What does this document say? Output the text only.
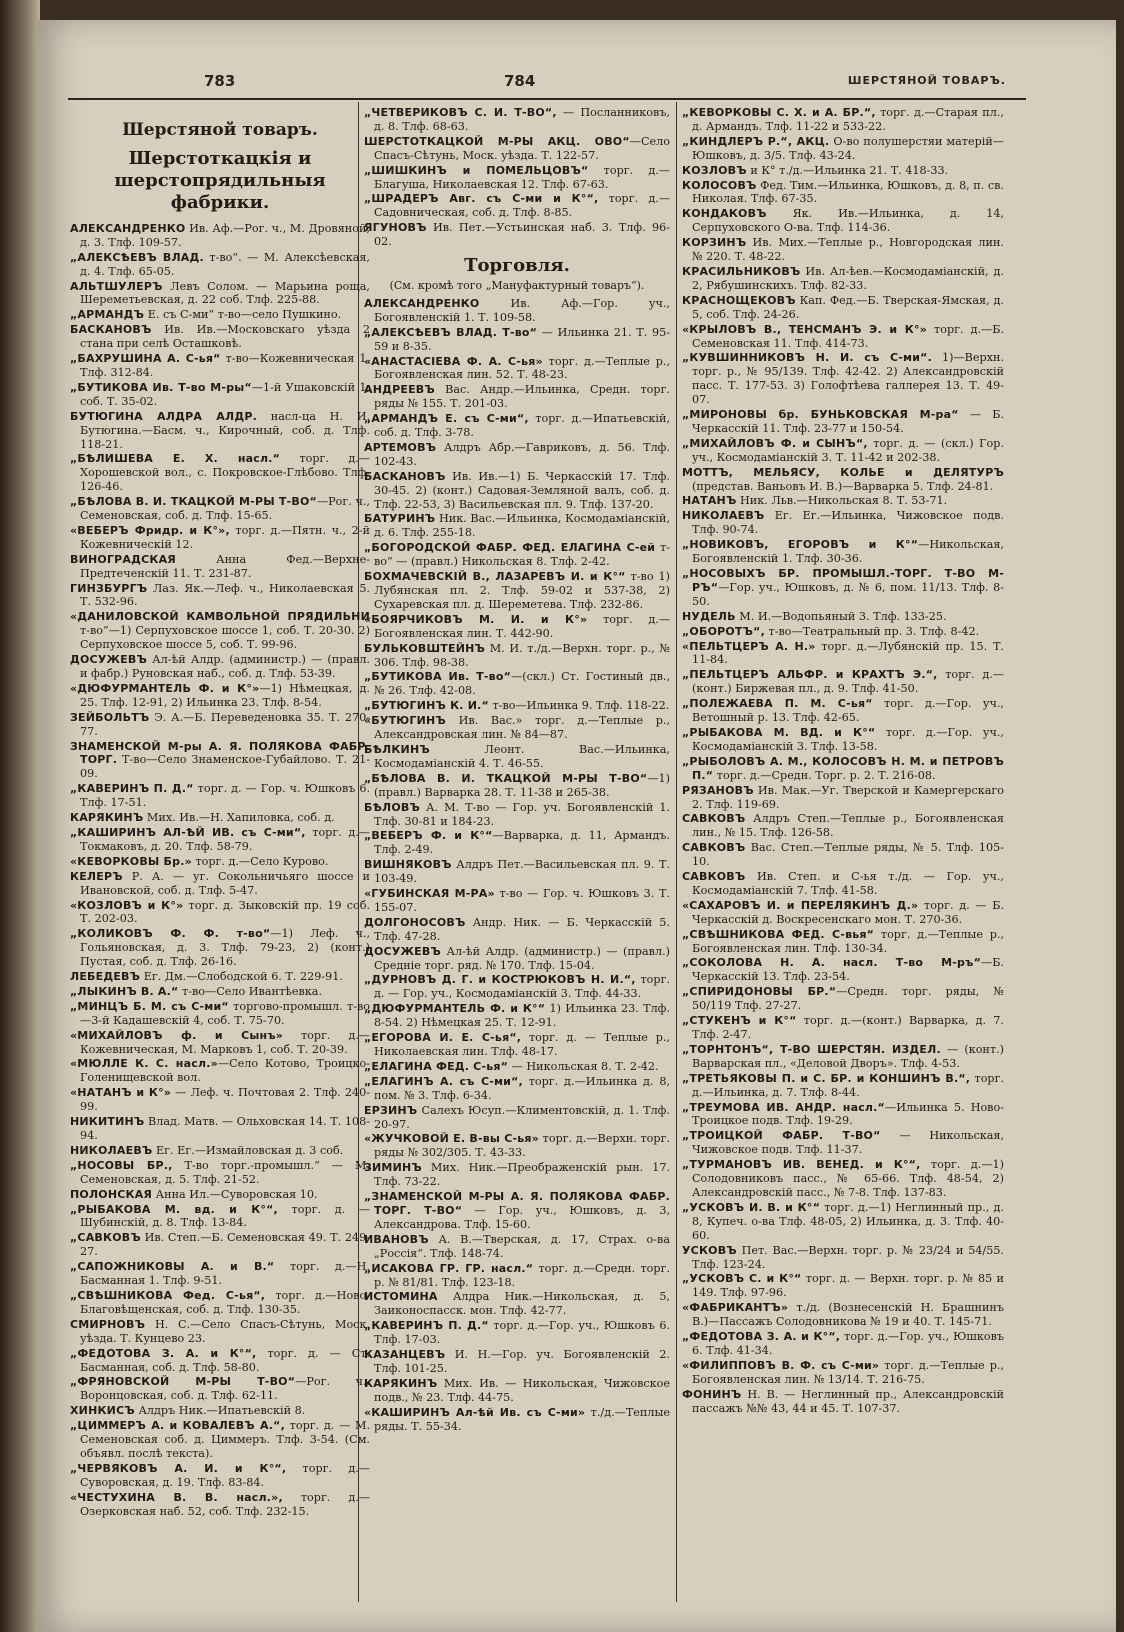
783	784	ШЕРСТЯНОЙ ТОВАРЪ.
Шерстяной товаръ.
Шерстоткацкія и шерстопрядильныя фабрики.
АЛЕКСАНДРЕНКО Ив. Аф.—Рог. ч., М. Дровяной, д. 3. Тлф. 109-57.
„АЛЕКСѢЕВЪ ВЛАД. т-во“. — М. Алексѣевская, д. 4. Тлф. 65-05.
АЛЬТШУЛЕРЪ Левъ Солом. — Марьина роща, Шереметьевская, д. 22 соб. Тлф. 225-88.
„АРМАНДЪ Е. съ С-ми“ т-во—село Пушкино.
БАСКАНОВЪ Ив. Ив.—Московскаго уѣзда 2 стана при селѣ Осташковѣ.
„БАХРУШИНА А. С-ья“ т-во—Кожевническая 1. Тлф. 312-84.
„БУТИКОВА Ив. Т-во М-ры“—1-й Ушаковскій 1, соб. Т. 35-02.
БУТЮГИНА АЛДРА АЛДР. насл-ца Н. И. Бутюгина.—Басм. ч., Кирочный, соб. д. Тлф. 118-21.
„БѢЛИШЕВА Е. Х. насл.“ торг. д.—Хорошевской вол., с. Покровское-Глѣбово. Тлф. 126-46.
„БѢЛОВА В. И. ТКАЦКОЙ М-РЫ Т-ВО“—Рог. ч., Семеновская, соб. д. Тлф. 15-65.
«ВЕБЕРЪ Фридр. и К°», торг. д.—Пятн. ч., 2-й Кожевническій 12.
ВИНОГРАДСКАЯ Анна Фед.—Верхне-Предтеченскій 11. Т. 231-87.
ГИНЗБУРГЪ Лаз. Як.—Леф. ч., Николаевская 5. Т. 532-96.
«ДАНИЛОВСКОЙ КАМВОЛЬНОЙ ПРЯДИЛЬНИ т-во“—1) Серпуховское шоссе 1, соб. Т. 20-30. 2) Серпуховское шоссе 5, соб. Т. 99-96.
ДОСУЖЕВЪ Ал-ѣй Алдр. (администр.) — (правл. и фабр.) Руновская наб., соб. д. Тлф. 53-39.
«ДЮФУРМАНТЕЛЬ Ф. и К°»—1) Нѣмецкая, д. 25. Тлф. 12-91, 2) Ильинка 23. Тлф. 8-54.
ЗЕЙБОЛЬТЪ Э. А.—Б. Переведеновка 35. Т. 270-77.
ЗНАМЕНСКОЙ М-ры А. Я. ПОЛЯКОВА ФАБР. ТОРГ. Т-во—Село Знаменское-Губайлово. Т. 21-09.
„КАВЕРИНЪ П. Д.“ торг. д. — Гор. ч. Юшковъ 6. Тлф. 17-51.
КАРЯКИНЪ Мих. Ив.—Н. Хапиловка, соб. д.
„КАШИРИНЪ АЛ-ѢЙ ИВ. съ С-ми“, торг. д.—Токмаковъ, д. 20. Тлф. 58-79.
«КЕВОРКОВЫ Бр.» торг. д.—Село Курово.
КЕЛЕРЪ Р. А. — уг. Сокольничьяго шоссе и Ивановской, соб. д. Тлф. 5-47.
«КОЗЛОВЪ и К°» торг. д. Зыковскій пр. 19 соб. Т. 202-03.
„КОЛИКОВЪ Ф. Ф. т-во“—1) Леф. ч., Гольяновская, д. 3. Тлф. 79-23, 2) (конт.) Пустая, соб. д. Тлф. 26-16.
ЛЕБЕДЕВЪ Ег. Дм.—Слободской 6. Т. 229-91.
„ЛЫКИНЪ В. А.“ т-во—Село Ивантѣевка.
„МИНЦЪ Б. М. съ С-ми“ торгово-промышл. т-во—3-й Кадашевскій 4, соб. Т. 75-70.
«МИХАЙЛОВЪ ф. и Сынъ» торг. д.—Кожевническая, М. Марковъ 1, соб. Т. 20-39.
«МЮЛЛЕ К. С. насл.»—Село Котово, Троицко-Голенищевской вол.
«НАТАНЪ и К°» — Леф. ч. Почтовая 2. Тлф. 240-99.
НИКИТИНЪ Влад. Матв. — Ольховская 14. Т. 108-94.
НИКОЛАЕВЪ Ег. Ег.—Измайловская д. 3 соб.
„НОСОВЫ БР., Т-во торг.-промышл.“ — М. Семеновская, д. 5. Тлф. 21-52.
ПОЛОНСКАЯ Анна Ил.—Суворовская 10.
„РЫБАКОВА М. вд. и К°“, торг. д. — Шубинскій, д. 8. Тлф. 13-84.
„САВКОВЪ Ив. Степ.—Б. Семеновская 49. Т. 249-27.
„САПОЖНИКОВЫ А. и В.“ торг. д.—Н. Басманная 1. Тлф. 9-51.
„СВѢШНИКОВА Фед. С-ья“, торг. д.—Ново-Благовѣщенская, соб. д. Тлф. 130-35.
СМИРНОВЪ Н. С.—Село Спасъ-Сѣтунь, Моск. уѣзда. Т. Кунцево 23.
„ФЕДОТОВА З. А. и К°“, торг. д. — Ст. Басманная, соб. д. Тлф. 58-80.
„ФРЯНОВСКОЙ М-РЫ Т-ВО“—Рог. ч., Воронцовская, соб. д. Тлф. 62-11.
ХИНКИСЪ Алдръ Ник.—Ипатьевскій 8.
„ЦИММЕРЪ А. и КОВАЛЕВЪ А.“, торг. д. — М. Семеновская соб. д. Циммеръ. Тлф. 3-54. (См. объявл. послѣ текста).
„ЧЕРВЯКОВЪ А. И. и К°“, торг. д.—Суворовская, д. 19. Тлф. 83-84.
«ЧЕСТУХИНА В. В. насл.», торг. д.—Озерковская наб. 52, соб. Тлф. 232-15.
„ЧЕТВЕРИКОВЪ С. И. Т-ВО“, — Посланниковъ, д. 8. Тлф. 68-63.
ШЕРСТОТКАЦКОЙ М-РЫ АКЦ. ОВО“—Село Спасъ-Сѣтунь, Моск. уѣзда. Т. 122-57.
„ШИШКИНЪ и ПОМЕЛЬЦОВЪ“ торг. д.—Благуша, Николаевская 12. Тлф. 67-63.
„ШРАДЕРЪ Авг. съ С-ми и К°“, торг. д.—Садовническая, соб. д. Тлф. 8-85.
ЯГУНОВЪ Ив. Пет.—Устьинская наб. 3. Тлф. 96-02.
Торговля.
(См. кромѣ того „Мануфактурный товаръ“).
АЛЕКСАНДРЕНКО Ив. Аф.—Гор. уч., Богоявленскій 1. Т. 109-58.
„АЛЕКСѢЕВЪ ВЛАД. Т-во“ — Ильинка 21. Т. 95-59 и 8-35.
«АНАСТАСІЕВА Ф. А. С-ья» торг. д.—Теплые р., Богоявленская лин. 52. Т. 48-23.
АНДРЕЕВЪ Вас. Андр.—Ильинка, Средн. торг. ряды № 155. Т. 201-03.
„АРМАНДЪ Е. съ С-ми“, торг. д.—Ипатьевскій, соб. д. Тлф. 3-78.
АРТЕМОВЪ Алдръ Абр.—Гавриковъ, д. 56. Тлф. 102-43.
БАСКАНОВЪ Ив. Ив.—1) Б. Черкасскій 17. Тлф. 30-45. 2) (конт.) Садовая-Земляной валъ, соб. д. Тлф. 22-53, 3) Васильевская пл. 9. Тлф. 137-20.
БАТУРИНЪ Ник. Вас.—Ильинка, Космодаміанскій, д. 6. Тлф. 255-18.
„БОГОРОДСКОЙ ФАБР. ФЕД. ЕЛАГИНА С-ей т-во“ — (правл.) Никольская 8. Тлф. 2-42.
БОХМАЧЕВСКІЙ В., ЛАЗАРЕВЪ И. и К°“ т-во 1) Лубянская пл. 2. Тлф. 59-02 и 537-38, 2) Сухаревская пл. д. Шереметева. Тлф. 232-86.
«БОЯРЧИКОВЪ М. И. и К°» торг. д.—Богоявленская лин. Т. 442-90.
БУЛЬКОВШТЕЙНЪ М. И. т./д.—Верхн. торг. р., № 306. Тлф. 98-38.
„БУТИКОВА Ив. Т-во“—(скл.) Ст. Гостиный дв., № 26. Тлф. 42-08.
„БУТЮГИНЪ К. И.“ т-во—Ильинка 9. Тлф. 118-22.
«БУТЮГИНЪ Ив. Вас.» торг. д.—Теплые р., Александровская лин. № 84—87.
БѢЛКИНЪ Леонт. Вас.—Ильинка, Космодаміанскій 4. Т. 46-55.
„БѢЛОВА В. И. ТКАЦКОЙ М-РЫ Т-ВО“—1) (правл.) Варварка 28. Т. 11-38 и 265-38.
БѢЛОВЪ А. М. Т-во — Гор. уч. Богоявленскій 1. Тлф. 30-81 и 184-23.
„ВЕБЕРЪ Ф. и К°“—Варварка, д. 11, Армандъ. Тлф. 2-49.
ВИШНЯКОВЪ Алдръ Пет.—Васильевская пл. 9. Т. 103-49.
«ГУБИНСКАЯ М-РА» т-во — Гор. ч. Юшковъ 3. Т. 155-07.
ДОЛГОНОСОВЪ Андр. Ник. — Б. Черкасскій 5. Тлф. 47-28.
ДОСУЖЕВЪ Ал-ѣй Алдр. (администр.) — (правл.) Средніе торг. ряд. № 170. Тлф. 15-04.
„ДУРНОВЪ Д. Г. и КОСТРЮКОВЪ Н. И.“, торг. д. — Гор. уч., Космодаміанскій 3. Тлф. 44-33.
„ДЮФУРМАНТЕЛЬ Ф. и К°“ 1) Ильинка 23. Тлф. 8-54. 2) Нѣмецкая 25. Т. 12-91.
„ЕГОРОВА И. Е. С-ья“, торг. д. — Теплые р., Николаевская лин. Тлф. 48-17.
„ЕЛАГИНА ФЕД. С-ья“ — Никольская 8. Т. 2-42.
„ЕЛАГИНЪ А. съ С-ми“, торг. д.—Ильинка д. 8, пом. № 3. Тлф. 6-34.
ЕРЗИНЪ Салехъ Юсуп.—Климентовскій, д. 1. Тлф. 20-97.
«ЖУЧКОВОЙ Е. В-вы С-ья» торг. д.—Верхн. торг. ряды № 302/305. Т. 43-33.
ЗИМИНЪ Мих. Ник.—Преображенскій рын. 17. Тлф. 73-22.
„ЗНАМЕНСКОЙ М-РЫ А. Я. ПОЛЯКОВА ФАБР. ТОРГ. Т-ВО“ — Гор. уч., Юшковъ, д. 3, Александрова. Тлф. 15-60.
ИВАНОВЪ А. В.—Тверская, д. 17, Страх. о-ва „Россія“. Тлф. 148-74.
„ИСАКОВА ГР. ГР. насл.“ торг. д.—Средн. торг. р. № 81/81. Тлф. 123-18.
ИСТОМИНА Алдра Ник.—Никольская, д. 5, Заиконоспасск. мон. Тлф. 42-77.
„КАВЕРИНЪ П. Д.“ торг. д.—Гор. уч., Юшковъ 6. Тлф. 17-03.
КАЗАНЦЕВЪ И. Н.—Гор. уч. Богоявленскій 2. Тлф. 101-25.
КАРЯКИНЪ Мих. Ив. — Никольская, Чижовское подв., № 23. Тлф. 44-75.
«КАШИРИНЪ Ал-ѣй Ив. съ С-ми» т./д.—Теплые ряды. Т. 55-34.
„КЕВОРКОВЫ С. Х. и А. БР.“, торг. д.—Старая пл., д. Армандъ. Тлф. 11-22 и 533-22.
„КИНДЛЕРЪ Р.“, АКЦ. О-во полушерстяи матерій—Юшковъ, д. 3/5. Тлф. 43-24.
КОЗЛОВЪ и К° т./д.—Ильинка 21. Т. 418-33.
КОЛОСОВЪ Фед. Тим.—Ильинка, Юшковъ, д. 8, п. св. Николая. Тлф. 67-35.
КОНДАКОВЪ Як. Ив.—Ильинка, д. 14, Серпуховского О-ва. Тлф. 114-36.
КОРЗИНЪ Ив. Мих.—Теплые р., Новгородская лин. № 220. Т. 48-22.
КРАСИЛЬНИКОВЪ Ив. Ал-ѣев.—Космодаміанскій, д. 2, Рябушинскихъ. Тлф. 82-33.
КРАСНОЩЕКОВЪ Кап. Фед.—Б. Тверская-Ямская, д. 5, соб. Тлф. 24-26.
«КРЫЛОВЪ В., ТЕНСМАНЪ Э. и К°» торг. д.—Б. Семеновская 11. Тлф. 414-73.
„КУВШИННИКОВЪ Н. И. съ С-ми“. 1)—Верхн. торг. р., № 95/139. Тлф. 42-42. 2) Александровскій пасс. Т. 177-53. 3) Голофтѣева галлерея 13. Т. 49-07.
„МИРОНОВЫ бр. БУНЬКОВСКАЯ М-ра“ — Б. Черкасскій 11. Тлф. 23-77 и 150-54.
„МИХАЙЛОВЪ Ф. и СЫНЪ“, торг. д. — (скл.) Гор. уч., Космодаміанскій 3. Т. 11-42 и 202-38.
МОТТЪ, МЕЛЬЯСУ, КОЛЬЕ и ДЕЛЯТУРЪ (представ. Ваньовъ И. В.)—Варварка 5. Тлф. 24-81.
НАТАНЪ Ник. Льв.—Никольская 8. Т. 53-71.
НИКОЛАЕВЪ Ег. Ег.—Ильинка, Чижовское подв. Тлф. 90-74.
„НОВИКОВЪ, ЕГОРОВЪ и К°“—Никольская, Богоявленскій 1. Тлф. 30-36.
„НОСОВЫХЪ БР. ПРОМЫШЛ.-ТОРГ. Т-ВО М-РЪ“—Гор. уч., Юшковъ, д. № 6, пом. 11/13. Тлф. 8-50.
НУДЕЛЬ М. И.—Водопьяный 3. Тлф. 133-25.
„ОБОРОТЪ“, т-во—Театральный пр. 3. Тлф. 8-42.
«ПЕЛЬТЦЕРЪ А. Н.» торг. д.—Лубянскій пр. 15. Т. 11-84.
„ПЕЛЬТЦЕРЪ АЛЬФР. и КРАХТЪ Э.“, торг. д.—(конт.) Биржевая пл., д. 9. Тлф. 41-50.
„ПОЛЕЖАЕВА П. М. С-ья“ торг. д.—Гор. уч., Ветошный р. 13. Тлф. 42-65.
„РЫБАКОВА М. ВД. и К°“ торг. д.—Гор. уч., Космодаміанскій 3. Тлф. 13-58.
„РЫБОЛОВЪ А. М., КОЛОСОВЪ Н. М. и ПЕТРОВЪ П.“ торг. д.—Средн. Торг. р. 2. Т. 216-08.
РЯЗАНОВЪ Ив. Мак.—Уг. Тверской и Камергерскаго 2. Тлф. 119-69.
САВКОВЪ Алдръ Степ.—Теплые р., Богоявленская лин., № 15. Тлф. 126-58.
САВКОВЪ Вас. Степ.—Теплые ряды, № 5. Тлф. 105-10.
САВКОВЪ Ив. Степ. и С-ья т./д. — Гор. уч., Космодаміанскій 7. Тлф. 41-58.
«САХАРОВЪ И. и ПЕРЕЛЯКИНЪ Д.» торг. д. — Б. Черкасскій д. Воскресенскаго мон. Т. 270-36.
„СВѢШНИКОВА ФЕД. С-вья“ торг. д.—Теплые р., Богоявленская лин. Тлф. 130-34.
„СОКОЛОВА Н. А. насл. Т-во М-ръ“—Б. Черкасскій 13. Тлф. 23-54.
„СПИРИДОНОВЫ БР.“—Средн. торг. ряды, № 50/119 Тлф. 27-27.
„СТУКЕНЪ и К°“ торг. д.—(конт.) Варварка, д. 7. Тлф. 2-47.
„ТОРНТОНЪ“, Т-ВО ШЕРСТЯН. ИЗДЕЛ. — (конт.) Варварская пл., «Деловой Дворъ». Тлф. 4-53.
„ТРЕТЬЯКОВЫ П. и С. БР. и КОНШИНЪ В.“, торг. д.—Ильинка, д. 7. Тлф. 8-44.
„ТРЕУМОВА ИВ. АНДР. насл.“—Ильинка 5. Ново-Троицкое подв. Тлф. 19-29.
„ТРОИЦКОЙ ФАБР. Т-ВО“ — Никольская, Чижовское подв. Тлф. 11-37.
„ТУРМАНОВЪ ИВ. ВЕНЕД. и К°“, торг. д.—1) Солодовниковъ пасс., № 65-66. Тлф. 48-54, 2) Александровскій пасс., № 7-8. Тлф. 137-83.
„УСКОВЪ И. В. и К°“ торг. д.—1) Неглинный пр., д. 8, Купеч. о-ва Тлф. 48-05, 2) Ильинка, д. 3. Тлф. 40-60.
УСКОВЪ Пет. Вас.—Верхн. торг. р. № 23/24 и 54/55. Тлф. 123-24.
„УСКОВЪ С. и К°“ торг. д. — Верхн. торг. р. № 85 и 149. Тлф. 97-96.
«ФАБРИКАНТЪ» т./д. (Вознесенскій Н. Брашнинъ В.)—Пассажъ Солодовникова № 19 и 40. Т. 145-71.
„ФЕДОТОВА З. А. и К°“, торг. д.—Гор. уч., Юшковъ 6. Тлф. 41-34.
«ФИЛИППОВЪ В. Ф. съ С-ми» торг. д.—Теплые р., Богоявленская лин. № 13/14. Т. 216-75.
ФОНИНЪ Н. В. — Неглинный пр., Александровскій пассажъ №№ 43, 44 и 45. Т. 107-37.
